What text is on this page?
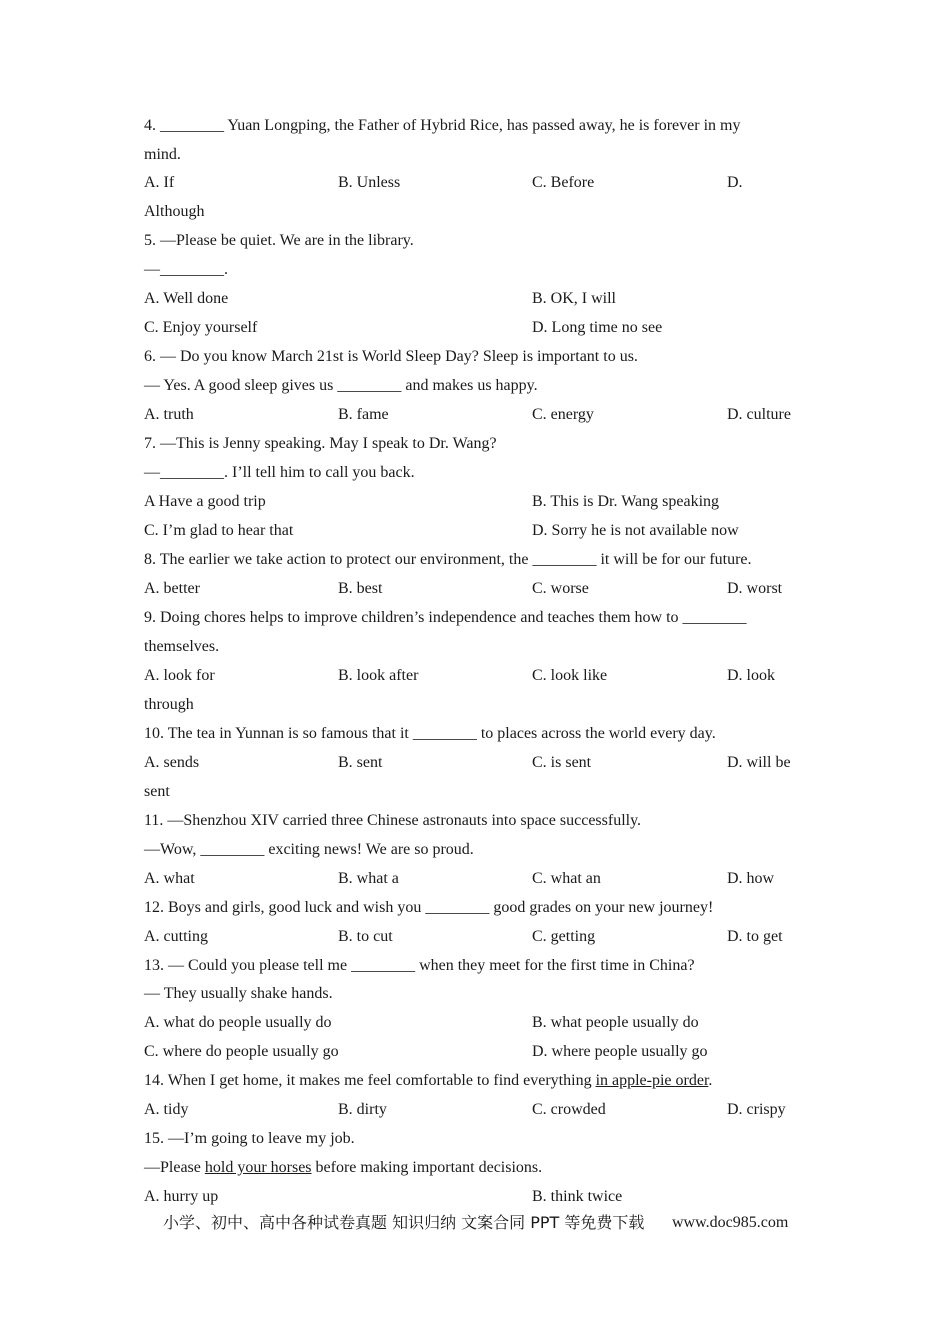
4. ________ Yuan Longping, the Father of Hybrid Rice, has passed away, he is forever in my
mind.
A. If	B. Unless	C. Before	D.
Although
5. —Please be quiet. We are in the library.
—________.
A. Well done	B. OK, I will
C. Enjoy yourself	D. Long time no see
6. — Do you know March 21st is World Sleep Day? Sleep is important to us.
— Yes. A good sleep gives us ________ and makes us happy.
A. truth	B. fame	C. energy	D. culture
7. —This is Jenny speaking. May I speak to Dr. Wang?
—________. I’ll tell him to call you back.
A Have a good trip	B. This is Dr. Wang speaking
C. I’m glad to hear that	D. Sorry he is not available now
8. The earlier we take action to protect our environment, the ________ it will be for our future.
A. better	B. best	C. worse	D. worst
9. Doing chores helps to improve children’s independence and teaches them how to ________
themselves.
A. look for	B. look after	C. look like	D. look
through
10. The tea in Yunnan is so famous that it ________ to places across the world every day.
A. sends	B. sent	C. is sent	D. will be
sent
11. —Shenzhou XIV carried three Chinese astronauts into space successfully.
—Wow, ________ exciting news! We are so proud.
A. what	B. what a	C. what an	D. how
12. Boys and girls, good luck and wish you ________ good grades on your new journey!
A. cutting	B. to cut	C. getting	D. to get
13. — Could you please tell me ________ when they meet for the first time in China?
— They usually shake hands.
A. what do people usually do	B. what people usually do
C. where do people usually go	D. where people usually go
14. When I get home, it makes me feel comfortable to find everything in apple-pie order.
A. tidy	B. dirty	C. crowded	D. crispy
15. —I’m going to leave my job.
—Please hold your horses before making important decisions.
A. hurry up	B. think twice
小学、初中、高中各种试卷真题 知识归纳 文案合同 PPT 等免费下载 www.doc985.com
